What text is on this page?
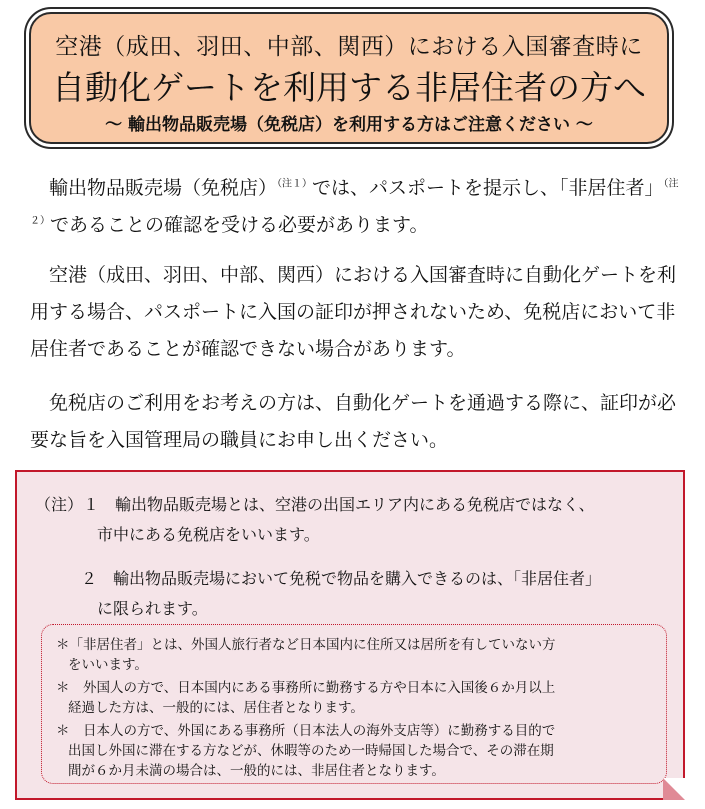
空港（成田、羽田、中部、関西）における入国審査時に
自動化ゲートを利用する非居住者の方へ
～ 輸出物品販売場（免税店）を利用する方はご注意ください ～
輸出物品販売場（免税店）$^{(注1)}$では、パスポートを提示し、「非居住者」$^{(注2)}$であることの確認を受ける必要があります。
空港（成田、羽田、中部、関西）における入国審査時に自動化ゲートを利用する場合、パスポートに入国の証印が押されないため、免税店において非居住者であることが確認できない場合があります。
免税店のご利用をお考えの方は、自動化ゲートを通過する際に、証印が必要な旨を入国管理局の職員にお申し出ください。
（注）１　輸出物品販売場とは、空港の出国エリア内にある免税店ではなく、
市中にある免税店をいいます。
２　輸出物品販売場において免税で物品を購入できるのは、「非居住者」
に限られます。
＊「非居住者」とは、外国人旅行者など日本国内に住所又は居所を有していない方
をいいます。
＊　外国人の方で、日本国内にある事務所に勤務する方や日本に入国後６か月以上
経過した方は、一般的には、居住者となります。
＊　日本人の方で、外国にある事務所（日本法人の海外支店等）に勤務する目的で
出国し外国に滞在する方などが、休暇等のため一時帰国した場合で、その滞在期
間が６か月未満の場合は、一般的には、非居住者となります。
